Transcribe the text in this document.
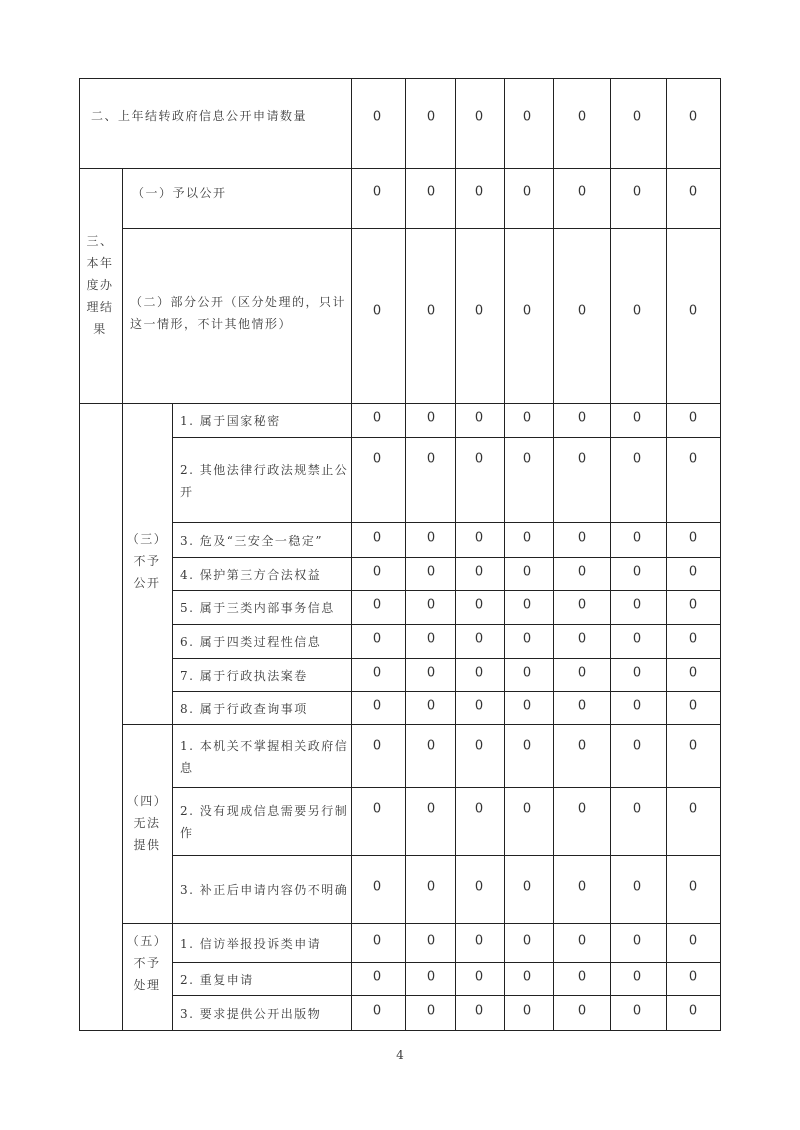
二、上年结转政府信息公开申请数量	0	0	0	0	0	0	0
三、
本年
度办
理结
果
（一）予以公开	0	0	0	0	0	0	0
（二）部分公开（区分处理的，只计
这一情形，不计其他情形）
0	0	0	0	0	0	0
（三）
不予
公开
1. 属于国家秘密	0	0	0	0	0	0	0
2. 其他法律行政法规禁止公
开
0	0	0	0	0	0	0
3. 危及“三安全一稳定”	0	0	0	0	0	0	0
4. 保护第三方合法权益	0	0	0	0	0	0	0
5. 属于三类内部事务信息	0	0	0	0	0	0	0
6. 属于四类过程性信息	0	0	0	0	0	0	0
7. 属于行政执法案卷	0	0	0	0	0	0	0
8. 属于行政查询事项	0	0	0	0	0	0	0
（四）
无法
提供
1. 本机关不掌握相关政府信
息
0	0	0	0	0	0	0
2. 没有现成信息需要另行制
作
0	0	0	0	0	0	0
3. 补正后申请内容仍不明确 0	0	0	0	0	0	0
（五）
不予
处理
1. 信访举报投诉类申请	0	0	0	0	0	0	0
2. 重复申请	0	0	0	0	0	0	0
3. 要求提供公开出版物	0	0	0	0	0	0	0
4
